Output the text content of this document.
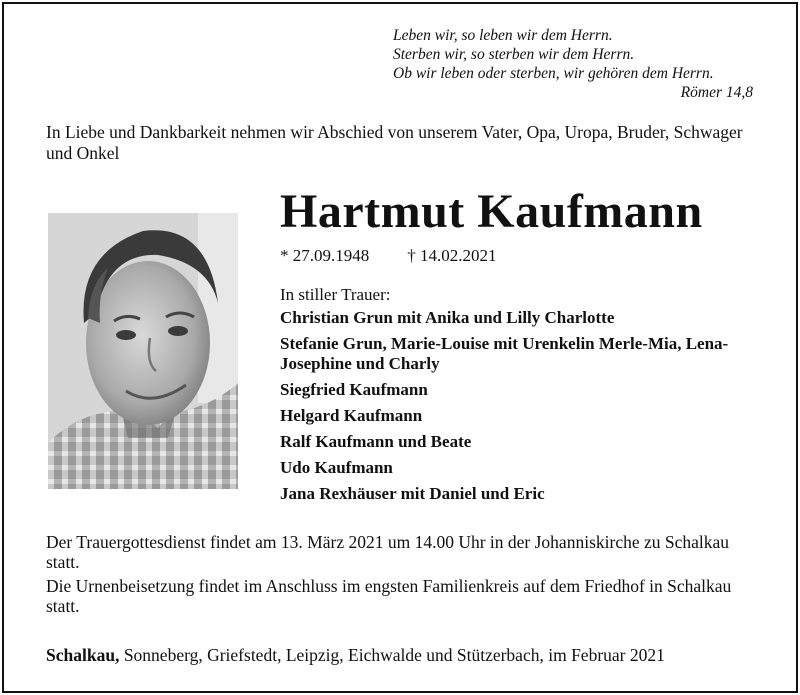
Leben wir, so leben wir dem Herrn.
Sterben wir, so sterben wir dem Herrn.
Ob wir leben oder sterben, wir gehören dem Herrn.
Römer 14,8
In Liebe und Dankbarkeit nehmen wir Abschied von unserem Vater, Opa, Uropa, Bruder, Schwager und Onkel
Hartmut Kaufmann
* 27.09.1948 † 14.02.2021
In stiller Trauer:
Christian Grun mit Anika und Lilly Charlotte
Stefanie Grun, Marie-Louise mit Urenkelin Merle-Mia, Lena-Josephine und Charly
Siegfried Kaufmann
Helgard Kaufmann
Ralf Kaufmann und Beate
Udo Kaufmann
Jana Rexhäuser mit Daniel und Eric

Der Trauergottesdienst findet am 13. März 2021 um 14.00 Uhr in der Johanniskirche zu Schalkau statt.

Die Urnenbeisetzung findet im Anschluss im engsten Familienkreis auf dem Friedhof in Schalkau statt.

Schalkau, Sonneberg, Griefstedt, Leipzig, Eichwalde und Stützerbach, im Februar 2021
